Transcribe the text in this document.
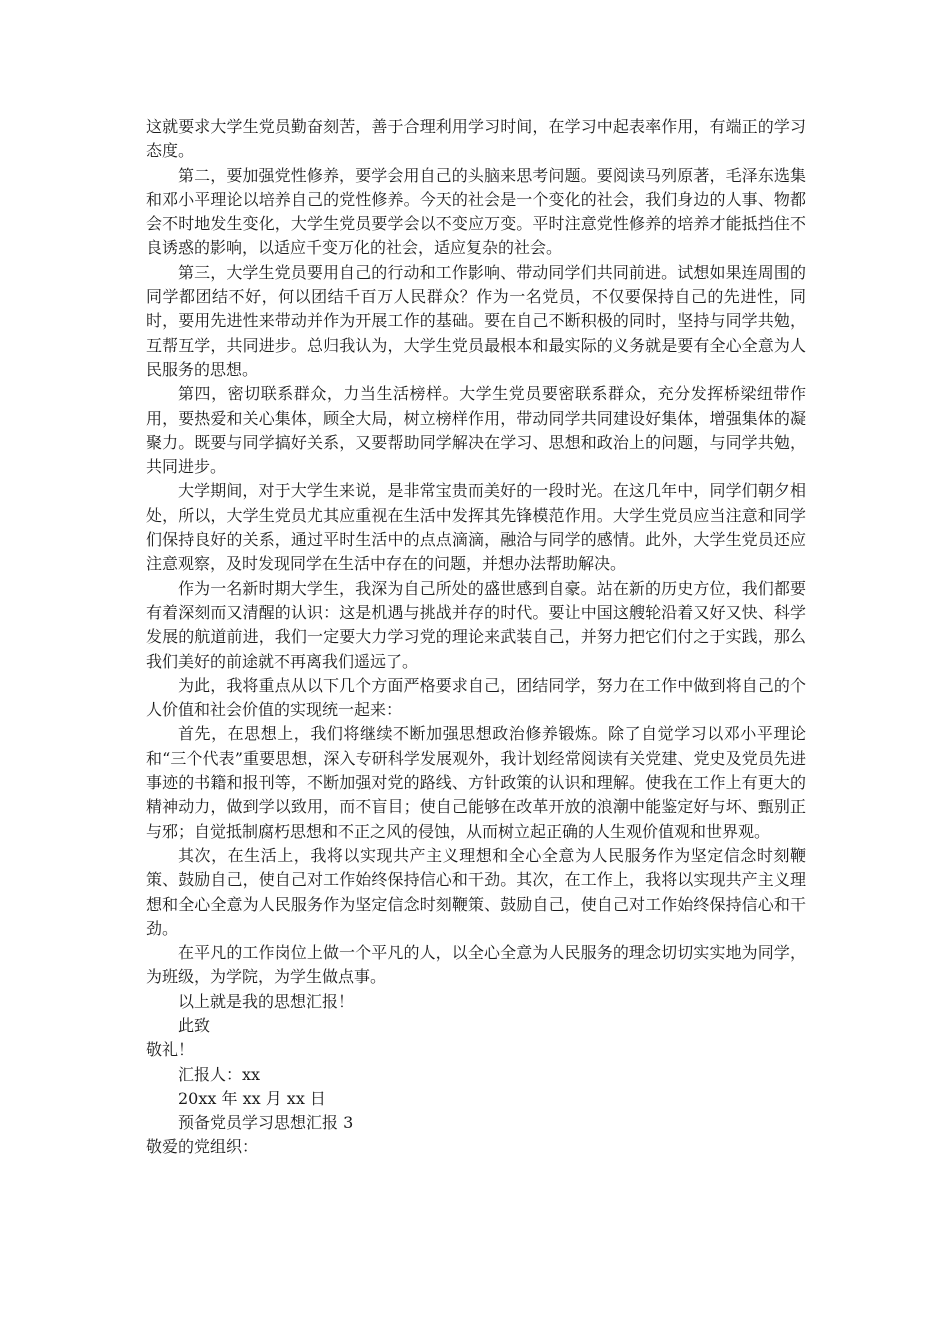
这就要求大学生党员勤奋刻苦，善于合理利用学习时间，在学习中起表率作用，有端正的学习态度。

第二，要加强党性修养，要学会用自己的头脑来思考问题。要阅读马列原著，毛泽东选集和邓小平理论以培养自己的党性修养。今天的社会是一个变化的社会，我们身边的人事、物都会不时地发生变化，大学生党员要学会以不变应万变。平时注意党性修养的培养才能抵挡住不良诱惑的影响，以适应千变万化的社会，适应复杂的社会。

第三，大学生党员要用自己的行动和工作影响、带动同学们共同前进。试想如果连周围的同学都团结不好，何以团结千百万人民群众？作为一名党员，不仅要保持自己的先进性，同时，要用先进性来带动并作为开展工作的基础。要在自己不断积极的同时，坚持与同学共勉，互帮互学，共同进步。总归我认为，大学生党员最根本和最实际的义务就是要有全心全意为人民服务的思想。

第四，密切联系群众，力当生活榜样。大学生党员要密联系群众，充分发挥桥梁纽带作用，要热爱和关心集体，顾全大局，树立榜样作用，带动同学共同建设好集体，增强集体的凝聚力。既要与同学搞好关系，又要帮助同学解决在学习、思想和政治上的问题，与同学共勉，共同进步。

大学期间，对于大学生来说，是非常宝贵而美好的一段时光。在这几年中，同学们朝夕相处，所以，大学生党员尤其应重视在生活中发挥其先锋模范作用。大学生党员应当注意和同学们保持良好的关系，通过平时生活中的点点滴滴，融洽与同学的感情。此外，大学生党员还应注意观察，及时发现同学在生活中存在的问题，并想办法帮助解决。

作为一名新时期大学生，我深为自己所处的盛世感到自豪。站在新的历史方位，我们都要有着深刻而又清醒的认识：这是机遇与挑战并存的时代。要让中国这艘轮沿着又好又快、科学发展的航道前进，我们一定要大力学习党的理论来武装自己，并努力把它们付之于实践，那么我们美好的前途就不再离我们遥远了。

为此，我将重点从以下几个方面严格要求自己，团结同学，努力在工作中做到将自己的个人价值和社会价值的实现统一起来：

首先，在思想上，我们将继续不断加强思想政治修养锻炼。除了自觉学习以邓小平理论和“三个代表”重要思想，深入专研科学发展观外，我计划经常阅读有关党建、党史及党员先进事迹的书籍和报刊等，不断加强对党的路线、方针政策的认识和理解。使我在工作上有更大的精神动力，做到学以致用，而不盲目；使自己能够在改革开放的浪潮中能鉴定好与坏、甄别正与邪；自觉抵制腐朽思想和不正之风的侵蚀，从而树立起正确的人生观价值观和世界观。

其次，在生活上，我将以实现共产主义理想和全心全意为人民服务作为坚定信念时刻鞭策、鼓励自己，使自己对工作始终保持信心和干劲。其次，在工作上，我将以实现共产主义理想和全心全意为人民服务作为坚定信念时刻鞭策、鼓励自己，使自己对工作始终保持信心和干劲。

在平凡的工作岗位上做一个平凡的人，以全心全意为人民服务的理念切切实实地为同学，为班级，为学院，为学生做点事。

以上就是我的思想汇报！

此致

敬礼！

汇报人：xx

20xx 年 xx 月 xx 日

预备党员学习思想汇报 3

敬爱的党组织：
